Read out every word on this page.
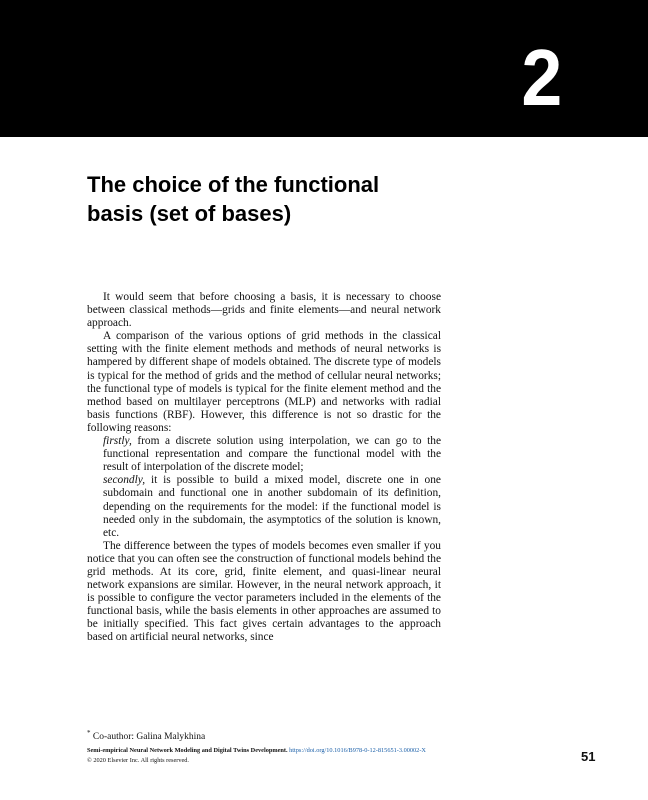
2
The choice of the functional
basis (set of bases)

It would seem that before choosing a basis, it is necessary to choose between classical methods—grids and finite elements—and neural network approach.

A comparison of the various options of grid methods in the classical setting with the finite element methods and methods of neural networks is hampered by different shape of models obtained. The discrete type of models is typical for the method of grids and the method of cellular neural networks; the functional type of models is typical for the finite element method and the method based on multilayer perceptrons (MLP) and networks with radial basis functions (RBF). However, this difference is not so drastic for the following reasons:

firstly, from a discrete solution using interpolation, we can go to the functional representation and compare the functional model with the result of interpolation of the discrete model;

secondly, it is possible to build a mixed model, discrete one in one subdomain and functional one in another subdomain of its definition, depending on the requirements for the model: if the functional model is needed only in the subdomain, the asymptotics of the solution is known, etc.

The difference between the types of models becomes even smaller if you notice that you can often see the construction of functional models behind the grid methods. At its core, grid, finite element, and quasi-linear neural network expansions are similar. However, in the neural network approach, it is possible to configure the vector parameters included in the elements of the functional basis, while the basis elements in other approaches are assumed to be initially specified. This fact gives certain advantages to the approach based on artificial neural networks, since

* Co-author: Galina Malykhina
Semi-empirical Neural Network Modeling and Digital Twins Development. https://doi.org/10.1016/B978-0-12-815651-3.00002-X
© 2020 Elsevier Inc. All rights reserved.	51
